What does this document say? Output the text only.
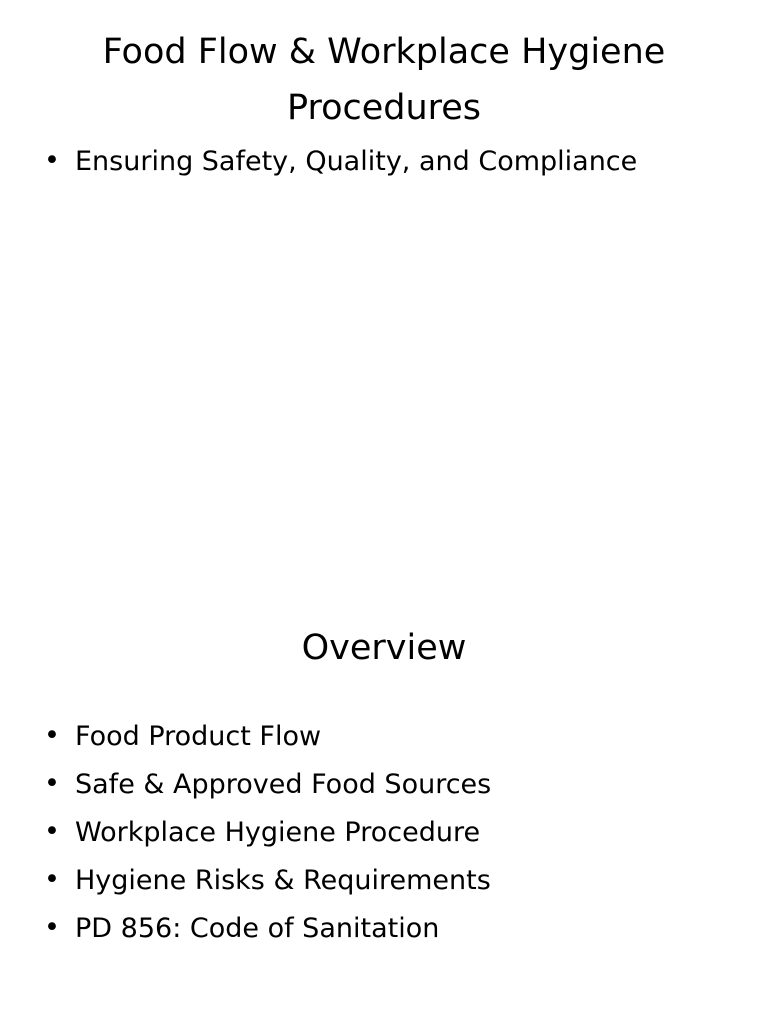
Food Flow & Workplace Hygiene Procedures
• Ensuring Safety, Quality, and Compliance
Overview
• Food Product Flow
• Safe & Approved Food Sources
• Workplace Hygiene Procedure
• Hygiene Risks & Requirements
• PD 856: Code of Sanitation
